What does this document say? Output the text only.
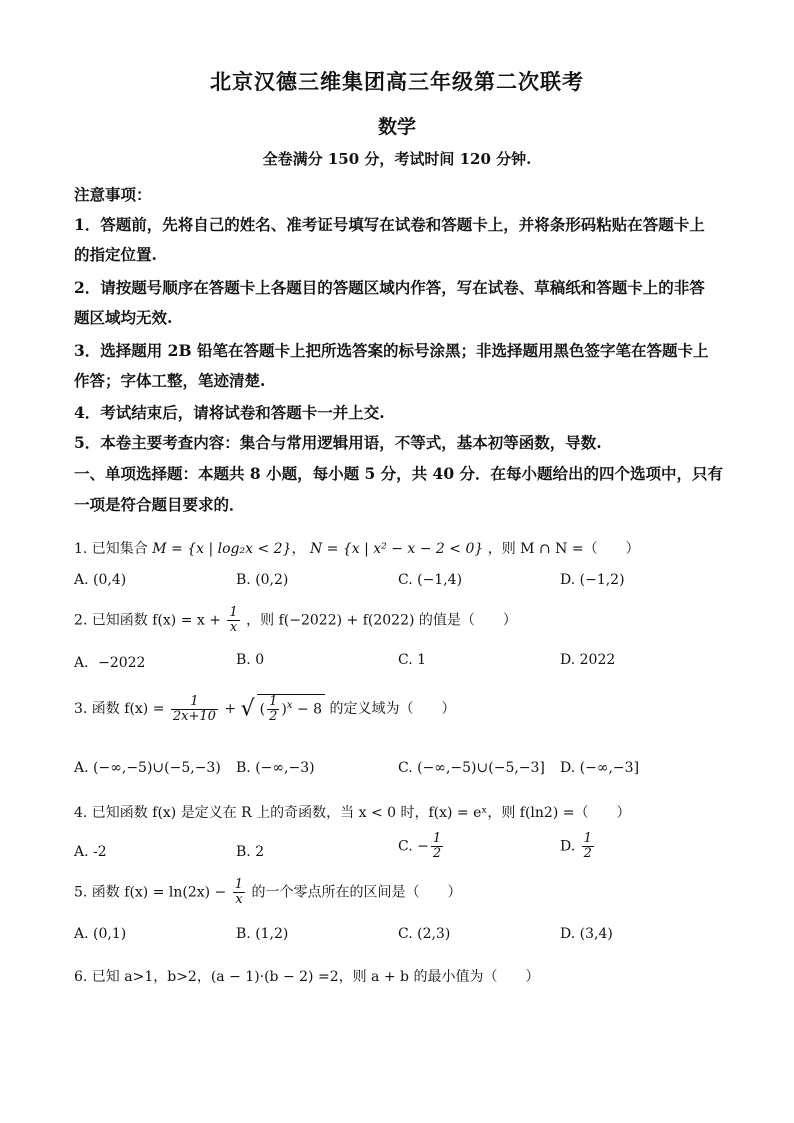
北京汉德三维集团高三年级第二次联考
数学
全卷满分 150 分，考试时间 120 分钟.
注意事项：
1．答题前，先将自己的姓名、准考证号填写在试卷和答题卡上，并将条形码粘贴在答题卡上
的指定位置.
2．请按题号顺序在答题卡上各题目的答题区域内作答，写在试卷、草稿纸和答题卡上的非答
题区域均无效.
3．选择题用 2B 铅笔在答题卡上把所选答案的标号涂黑；非选择题用黑色签字笔在答题卡上
作答；字体工整，笔迹清楚.
4．考试结束后，请将试卷和答题卡一并上交.
5．本卷主要考查内容：集合与常用逻辑用语，不等式，基本初等函数，导数.
一、单项选择题：本题共 8 小题，每小题 5 分，共 40 分．在每小题给出的四个选项中，只有
一项是符合题目要求的．
1. 已知集合 M = {x | log₂x < 2}， N = {x | x² − x − 2 < 0} ，则 M ∩ N =（　　）
A. (0,4)	B. (0,2)	C. (−1,4)	D. (−1,2)
2. 已知函数 $f(x) = x + \frac{1}{x}$ ，则 f(−2022) + f(2022) 的值是（　　）
A．−2022	B. 0	C. 1	D. 2022
3. 函数 $f(x) = \frac{1}{2x+10}$ + √ ( $\frac{1}{2} )^x - 8$ 的定义域为（　　）
A. (−∞,−5)∪(−5,−3) B. (−∞,−3)	C. (−∞,−5)∪(−5,−3] D. (−∞,−3]
4. 已知函数 f(x) 是定义在 R 上的奇函数，当 x < 0 时，f(x) = eˣ，则 f(ln2) =（　　）
A. -2	B. 2	C. − $\frac{1}{2}$	D. $\frac{1}{2}$
5. 函数 $f(x) = \ln(2x) - \frac{1}{x}$ 的一个零点所在的区间是（　　）
A. (0,1)	B. (1,2)	C. (2,3)	D. (3,4)
6. 已知 a>1，b>2，(a − 1)·(b − 2) =2，则 a + b 的最小值为（　　）
